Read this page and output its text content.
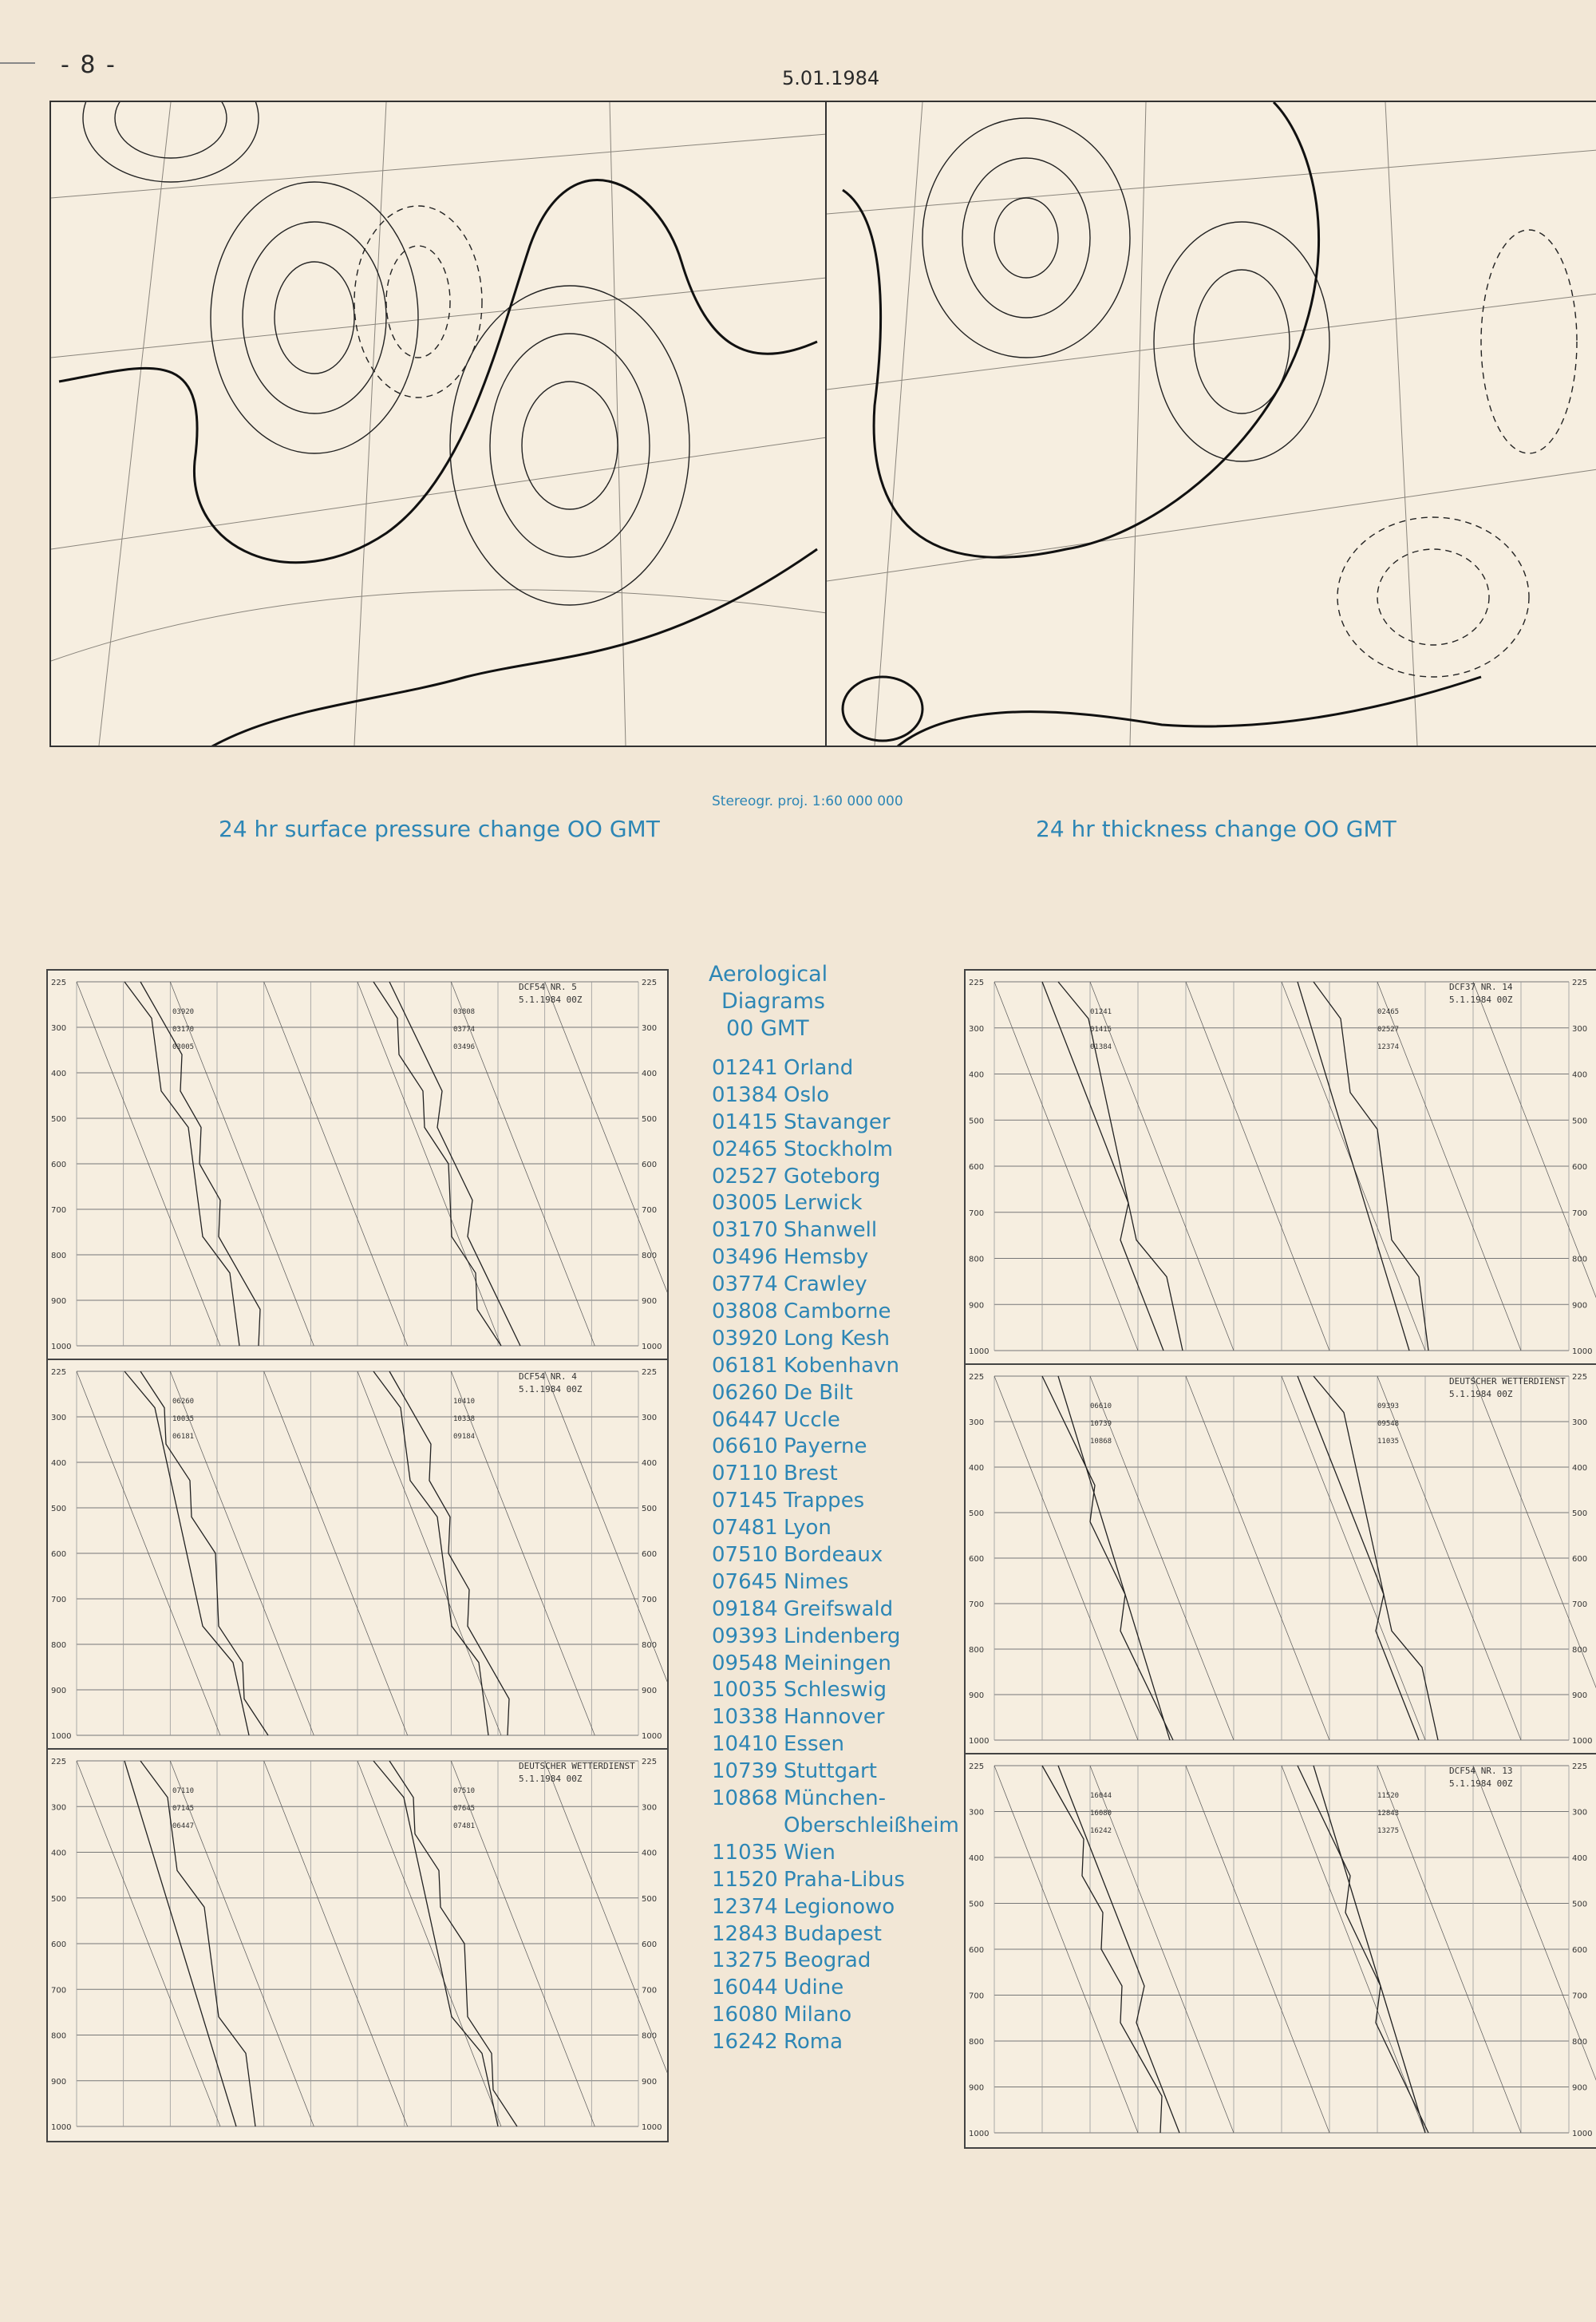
- 8 -	5.01.1984
Stereogr. proj. 1:60 000 000
24 hr surface pressure change OO GMT	24 hr thickness change OO GMT
225	225
300	300
400	400
500	500
600	600
700	700
800	800
900	900
1000	1000
DCF54 NR. 5
5.1.1984 00Z
03920
03170
03005
03808
03774
03496
225	225
300	300
400	400
500	500
600	600
700	700
800	800
900	900
1000	1000
DCF54 NR. 4
5.1.1984 00Z
06260
10035
06181
10410
10338
09184
225	225
300	300
400	400
500	500
600	600
700	700
800	800
900	900
1000	1000
DEUTSCHER WETTERDIENST
5.1.1984 00Z
07110
07145
06447
07510
07645
07481
225	225
300	300
400	400
500	500
600	600
700	700
800	800
900	900
1000	1000
DCF37 NR. 14
5.1.1984 00Z
01241
01415
01384
02465
02527
12374
225	225
300	300
400	400
500	500
600	600
700	700
800	800
900	900
1000	1000
DEUTSCHER WETTERDIENST
5.1.1984 00Z
06610
10739
10868
09393
09548
11035
225	225
300	300
400	400
500	500
600	600
700	700
800	800
900	900
1000	1000
DCF54 NR. 13
5.1.1984 00Z
16044
16080
16242
11520
12843
13275
Aerological
Diagrams
00 GMT
01241 Orland
01384 Oslo
01415 Stavanger
02465 Stockholm
02527 Goteborg
03005 Lerwick
03170 Shanwell
03496 Hemsby
03774 Crawley
03808 Camborne
03920 Long Kesh
06181 Kobenhavn
06260 De Bilt
06447 Uccle
06610 Payerne
07110 Brest
07145 Trappes
07481 Lyon
07510 Bordeaux
07645 Nimes
09184 Greifswald
09393 Lindenberg
09548 Meiningen
10035 Schleswig
10338 Hannover
10410 Essen
10739 Stuttgart
10868 München-
Oberschleißheim
11035 Wien
11520 Praha-Libus
12374 Legionowo
12843 Budapest
13275 Beograd
16044 Udine
16080 Milano
16242 Roma
